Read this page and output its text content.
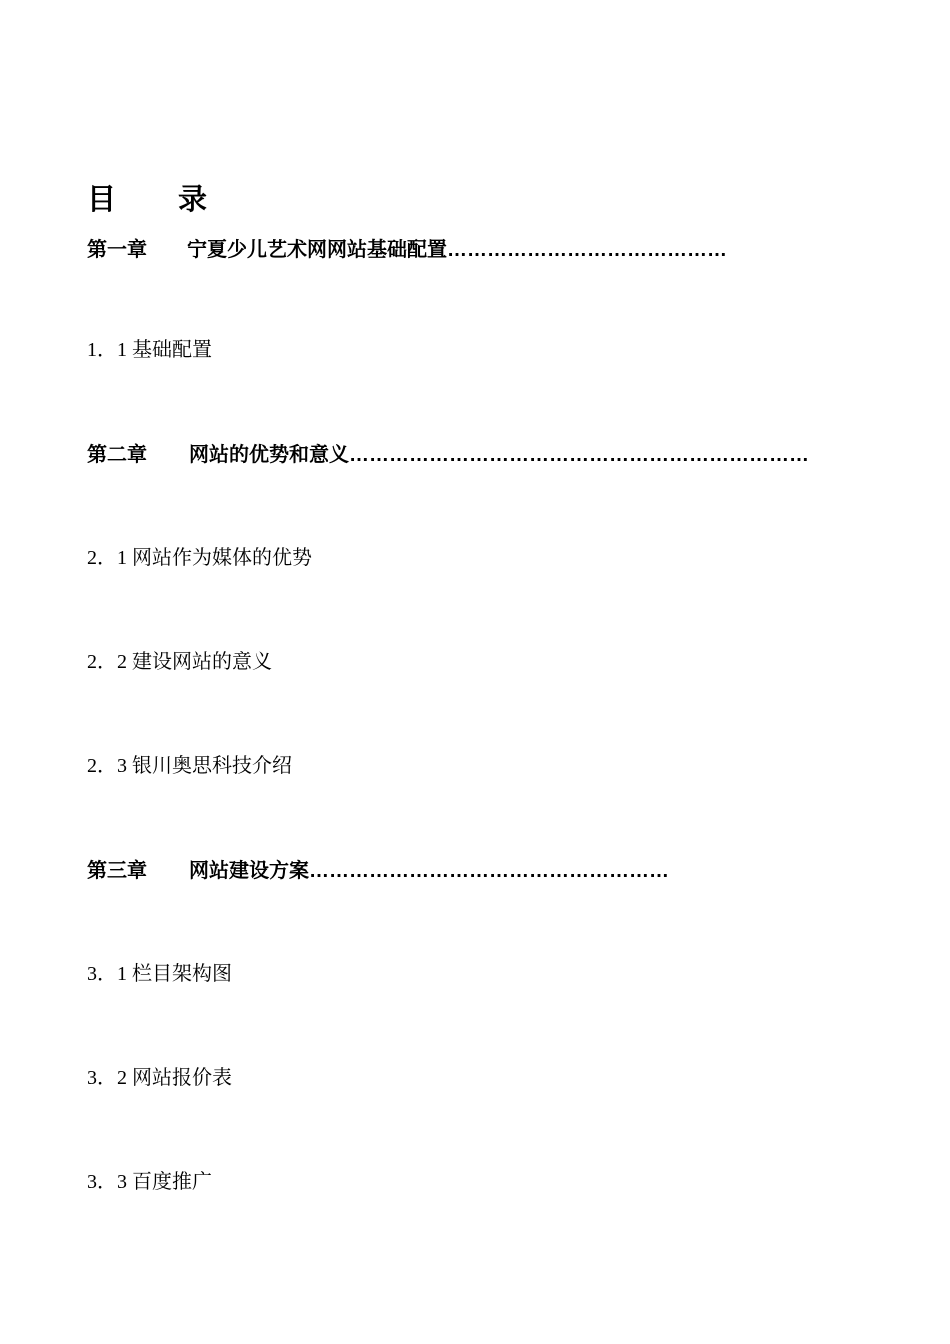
目 录
第一章 宁夏少儿艺术网网站基础配置……………………………………
1．1 基础配置
第二章 网站的优势和意义……………………………………………………………
2．1 网站作为媒体的优势
2．2 建设网站的意义
2．3 银川奥思科技介绍
第三章 网站建设方案………………………………………………
3．1 栏目架构图
3．2 网站报价表
3．3 百度推广
